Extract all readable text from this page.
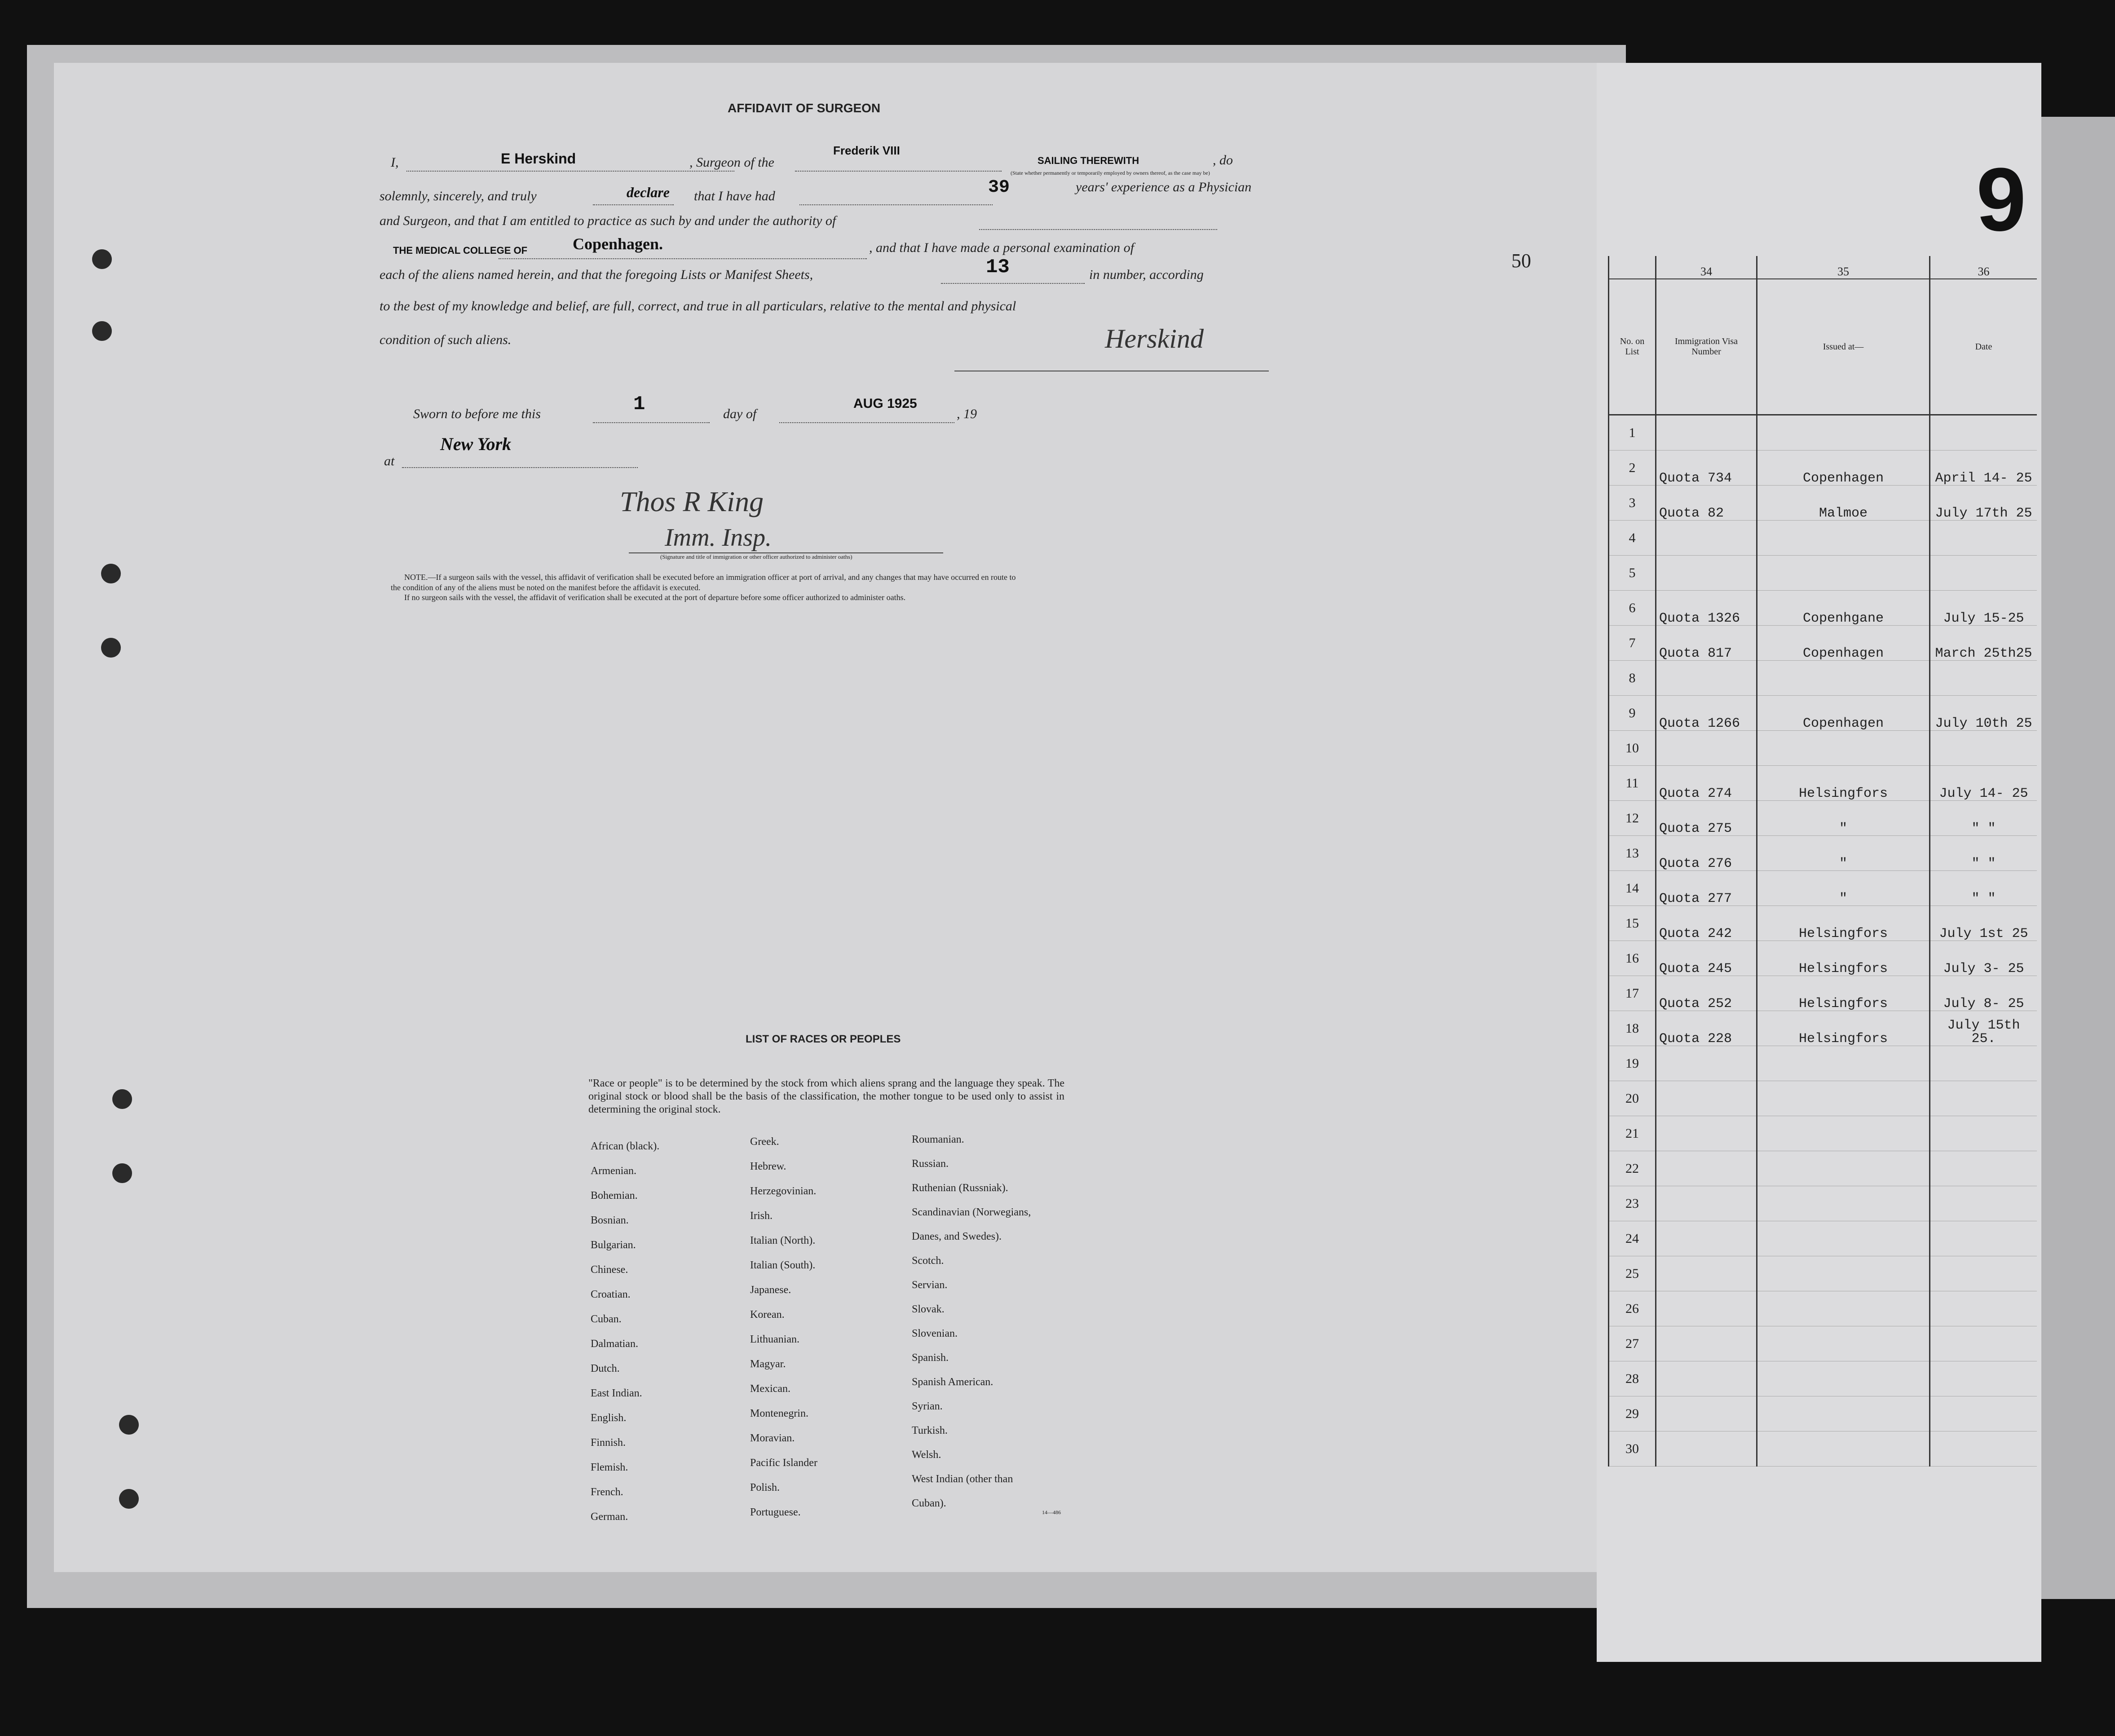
AFFIDAVIT OF SURGEON
I,	E Herskind	, Surgeon of the
Frederik VIII
SAILING THEREWITH
(State whether permanently or temporarily employed by owners thereof, as the case may be)
, do
solemnly, sincerely, and truly	declare that I have had	39	years' experience as a Physician
and Surgeon, and that I am entitled to practice as such by and under the authority of
THE MEDICAL COLLEGE OF	Copenhagen.	, and that I have made a personal examination of
each of the aliens named herein, and that the foregoing Lists or Manifest Sheets,	13	in number, according
to the best of my knowledge and belief, are full, correct, and true in all particulars, relative to the mental and physical
condition of such aliens.	Herskind
Sworn to before me this	1	day of
AUG 1925
, 19
at
New York
Thos R King
Imm. Insp.
(Signature and title of immigration or other officer authorized to administer oaths)
NOTE.—If a surgeon sails with the vessel, this affidavit of verification shall be executed before an immigration officer at port of arrival, and any changes that may have occurred en route to
the condition of any of the aliens must be noted on the manifest before the affidavit is executed.
If no surgeon sails with the vessel, the affidavit of verification shall be executed at the port of departure before some officer authorized to administer oaths.
50
LIST OF RACES OR PEOPLES
"Race or people" is to be determined by the stock from which aliens sprang and the language they speak. The original stock or blood shall be the basis of the classification, the mother tongue to be used only to assist in determining the original stock.
African (black).
Armenian.
Bohemian.
Bosnian.
Bulgarian.
Chinese.
Croatian.
Cuban.
Dalmatian.
Dutch.
East Indian.
English.
Finnish.
Flemish.
French.
German.
Greek.
Hebrew.
Herzegovinian.
Irish.
Italian (North).
Italian (South).
Japanese.
Korean.
Lithuanian.
Magyar.
Mexican.
Montenegrin.
Moravian.
Pacific Islander
Polish.
Portuguese.
Roumanian.
Russian.
Ruthenian (Russniak).
Scandinavian (Norwegians,
Danes, and Swedes).
Scotch.
Servian.
Slovak.
Slovenian.
Spanish.
Spanish American.
Syrian.
Turkish.
Welsh.
West Indian (other than
Cuban).
14—486
9
	34	35	36
No. on List	Immigration Visa Number	Issued at—	Date
1			
2	Quota 734	Copenhagen	April 14- 25
3	Quota 82	Malmoe	July 17th 25
4			
5			
6	Quota 1326	Copenhgane	July 15-25
7	Quota 817	Copenhagen	March 25th25
8			
9	Quota 1266	Copenhagen	July 10th 25
10			
11	Quota 274	Helsingfors	July 14- 25
12	Quota 275	"	" "
13	Quota 276	"	" "
14	Quota 277	"	" "
15	Quota 242	Helsingfors	July 1st 25
16	Quota 245	Helsingfors	July 3- 25
17	Quota 252	Helsingfors	July 8- 25
18	Quota 228	Helsingfors	July 15th 25.
19			
20			
21			
22			
23			
24			
25			
26			
27			
28			
29			
30			
